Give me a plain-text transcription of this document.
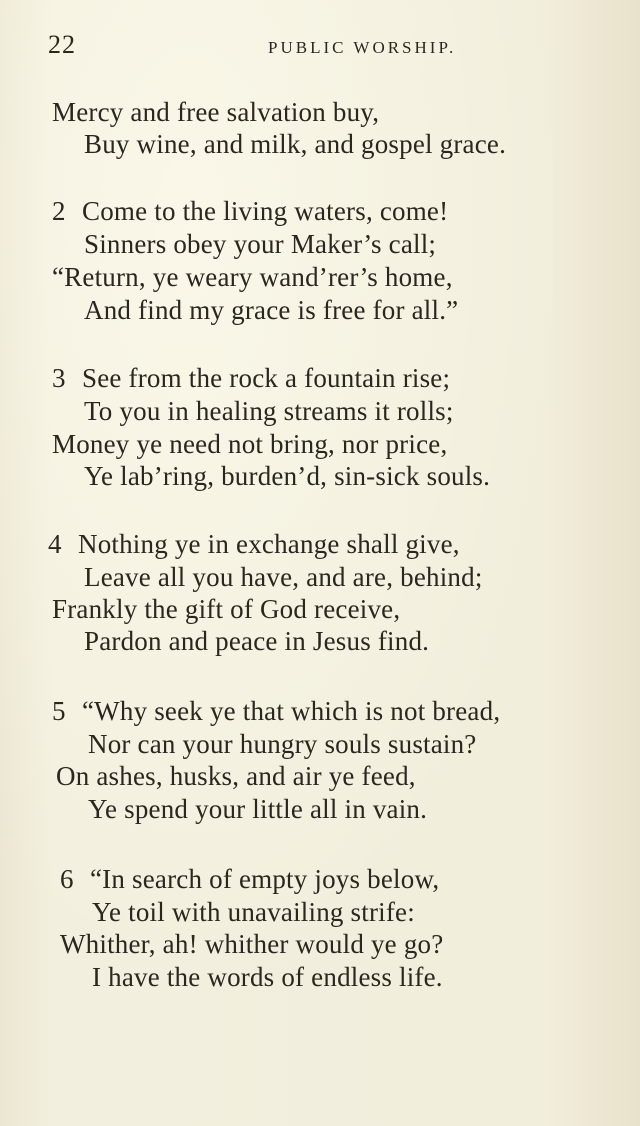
22	PUBLIC WORSHIP.
Mercy and free salvation buy,
Buy wine, and milk, and gospel grace.
2 Come to the living waters, come!
Sinners obey your Maker’s call;
“Return, ye weary wand’rer’s home,
And find my grace is free for all.”
3 See from the rock a fountain rise;
To you in healing streams it rolls;
Money ye need not bring, nor price,
Ye lab’ring, burden’d, sin-sick souls.
4 Nothing ye in exchange shall give,
Leave all you have, and are, behind;
Frankly the gift of God receive,
Pardon and peace in Jesus find.
5 “Why seek ye that which is not bread,
Nor can your hungry souls sustain?
On ashes, husks, and air ye feed,
Ye spend your little all in vain.
6 “In search of empty joys below,
Ye toil with unavailing strife:
Whither, ah! whither would ye go?
I have the words of endless life.
